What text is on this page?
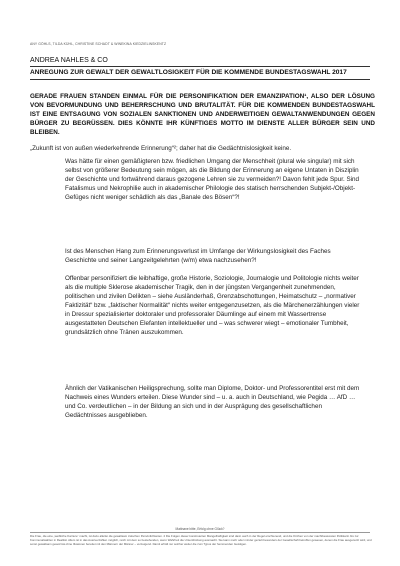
ANY GÖHLS, TILDA KÜHL, CHRISTINE SCHADT & WINEKINA KIEDZIELINSKENTZ
ANDREA NAHLES & CO
ANREGUNG ZUR GEWALT DER GEWALTLOSIGKEIT FÜR DIE KOMMENDE BUNDESTAGSWAHL 2017
GERADE FRAUEN STANDEN EINMAL FÜR DIE PERSONIFIKATION DER EMANZIPATION¹, ALSO DER LÖSUNG VON BEVORMUNDUNG UND BEHERRSCHUNG UND BRUTALITÄT. FÜR DIE KOMMENDEN BUNDESTAGSWAHL IST EINE ENTSAGUNG VON SOZIALEN SANKTIONEN UND ANDERWEITIGEN GEWALTANWENDUNGEN GEGEN BÜRGER ZU BEGRÜSSEN. DIES KÖNNTE IHR KÜNFTIGES MOTTO IM DIENSTE ALLER BÜRGER SEIN UND BLEIBEN.
„Zukunft ist von außen wiederkehrende Erinnerung“²; daher hat die Gedächtnislosigkeit keine.
Was hätte für einen gemäßigteren bzw. friedlichen Umgang der Menschheit (plural wie singular) mit sich selbst von größerer Bedeutung sein mögen, als die Bildung der Erinnerung an eigene Untaten in Disziplin der Geschichte und fortwährend daraus gezogene Lehren sie zu vermeiden?! Davon fehlt jede Spur. Sind Fatalismus und Nekrophilie auch in akademischer Philologie des statisch herrschenden Subjekt-/Objekt-Gefüges nicht weniger schädlich als das „Banale des Bösen“?!
Ist des Menschen Hang zum Erinnerungsverlust im Umfange der Wirkungslosigkeit des Faches Geschichte und seiner Langzeitgelehrten (w/m) etwa nachzusehen?!
Offenbar personifiziert die leibhaftige, große Historie, Soziologie, Journalogie und Politologie nichts weiter als die multiple Sklerose akademischer Tragik, den in der jüngsten Vergangenheit zunehmenden, politischen und zivilen Delikten – siehe Ausländerhaß, Grenzabschottungen, Heimatschutz – „normativer Faktizität“ bzw. „faktischer Normalität“ nichts weiter entgegenzusetzen, als die Märchenerzählungen vieler in Dressur spezialisierter doktoraler und professoraler Däumlinge auf einem mit Wassertrense ausgestatteten Deutschen Elefanten intellektueller und – was schwerer wiegt – emotionaler Tumbheit, grundsätzlich ohne Tränen auszukommen.
Ähnlich der Vatikanischen Heiligsprechung, sollte man Diplome, Doktor- und Professorentitel erst mit dem Nachweis eines Wunders erteilen. Diese Wunder sind – u. a. auch in Deutschland, wie Pegida … AfD … und Co. verdeutlichen – in der Bildung an sich und in der Ausprägung des gesellschaftlichen Gedächtnisses ausgeblieben.
Matinane bitte, Erfolg ohne Glück?
Die Frau, die eine „weibliche Karriere“ macht, ist dazu allerlei die gewaltsam zwischen Persönlichkeiten. 2 Die Folgen dieser konstruierten Mangelhaftigkeit sind dann auch in der Regel erschienend, und die Kirchen von der machtbewussten Politikerin bis zur Kommunalwahlen in Realität. Allem ist in das Auszuerzählen möglich, reich mit dem so bestehenden, wenn Wahrheit die Unterdrückung ausmacht. Sie kann mehr oder minder gezielt besonders der Gesellschaft betroffen gewesen, denen die Frau ausgenutzt wird, und sonst gewaltsam gesetzmä ohne Illusionen bereitet mit den Männern der Männer – verzeigend. Damit erhält nur solcher weiter die zum Typus der hemmenden Geistigen.
